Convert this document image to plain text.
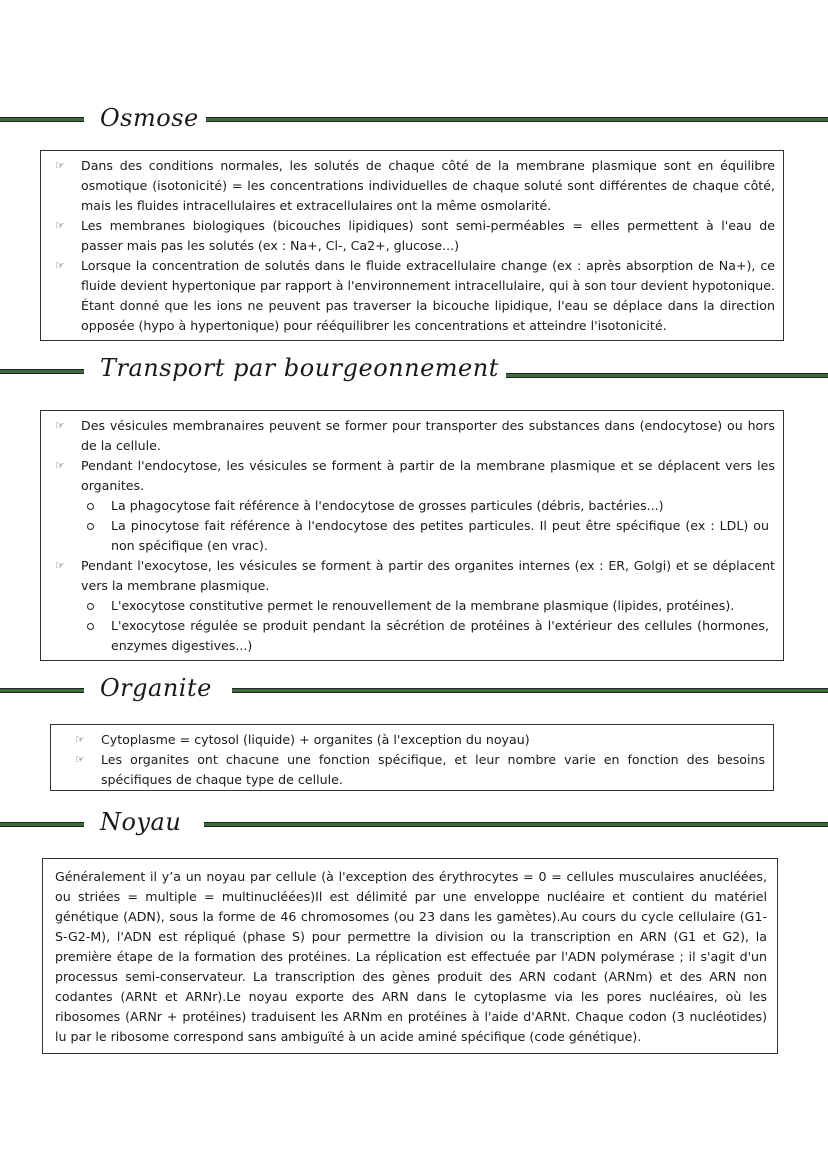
Osmose
☞ Dans des conditions normales, les solutés de chaque côté de la membrane plasmique sont en équilibre osmotique (isotonicité) = les concentrations individuelles de chaque soluté sont différentes de chaque côté, mais les fluides intracellulaires et extracellulaires ont la même osmolarité.
☞ Les membranes biologiques (bicouches lipidiques) sont semi-perméables = elles permettent à l'eau de passer mais pas les solutés (ex : Na+, Cl-, Ca2+, glucose...)
☞ Lorsque la concentration de solutés dans le fluide extracellulaire change (ex : après absorption de Na+), ce fluide devient hypertonique par rapport à l'environnement intracellulaire, qui à son tour devient hypotonique. Étant donné que les ions ne peuvent pas traverser la bicouche lipidique, l'eau se déplace dans la direction opposée (hypo à hypertonique) pour rééquilibrer les concentrations et atteindre l'isotonicité.
Transport par bourgeonnement
☞ Des vésicules membranaires peuvent se former pour transporter des substances dans (endocytose) ou hors de la cellule.
☞ Pendant l'endocytose, les vésicules se forment à partir de la membrane plasmique et se déplacent vers les organites.
La phagocytose fait référence à l'endocytose de grosses particules (débris, bactéries...)
La pinocytose fait référence à l'endocytose des petites particules. Il peut être spécifique (ex : LDL) ou non spécifique (en vrac).
☞ Pendant l'exocytose, les vésicules se forment à partir des organites internes (ex : ER, Golgi) et se déplacent vers la membrane plasmique.
L'exocytose constitutive permet le renouvellement de la membrane plasmique (lipides, protéines).
L'exocytose régulée se produit pendant la sécrétion de protéines à l'extérieur des cellules (hormones, enzymes digestives...)
Organite
☞ Cytoplasme = cytosol (liquide) + organites (à l'exception du noyau)
☞ Les organites ont chacune une fonction spécifique, et leur nombre varie en fonction des besoins spécifiques de chaque type de cellule.
Noyau
Généralement il y’a un noyau par cellule (à l'exception des érythrocytes = 0 = cellules musculaires anucléées, ou striées = multiple = multinucléées)Il est délimité par une enveloppe nucléaire et contient du matériel génétique (ADN), sous la forme de 46 chromosomes (ou 23 dans les gamètes).Au cours du cycle cellulaire (G1-S-G2-M), l'ADN est répliqué (phase S) pour permettre la division ou la transcription en ARN (G1 et G2), la première étape de la formation des protéines. La réplication est effectuée par l'ADN polymérase ; il s'agit d'un processus semi-conservateur. La transcription des gènes produit des ARN codant (ARNm) et des ARN non codantes (ARNt et ARNr).Le noyau exporte des ARN dans le cytoplasme via les pores nucléaires, où les ribosomes (ARNr + protéines) traduisent les ARNm en protéines à l'aide d'ARNt. Chaque codon (3 nucléotides) lu par le ribosome correspond sans ambiguïté à un acide aminé spécifique (code génétique).
